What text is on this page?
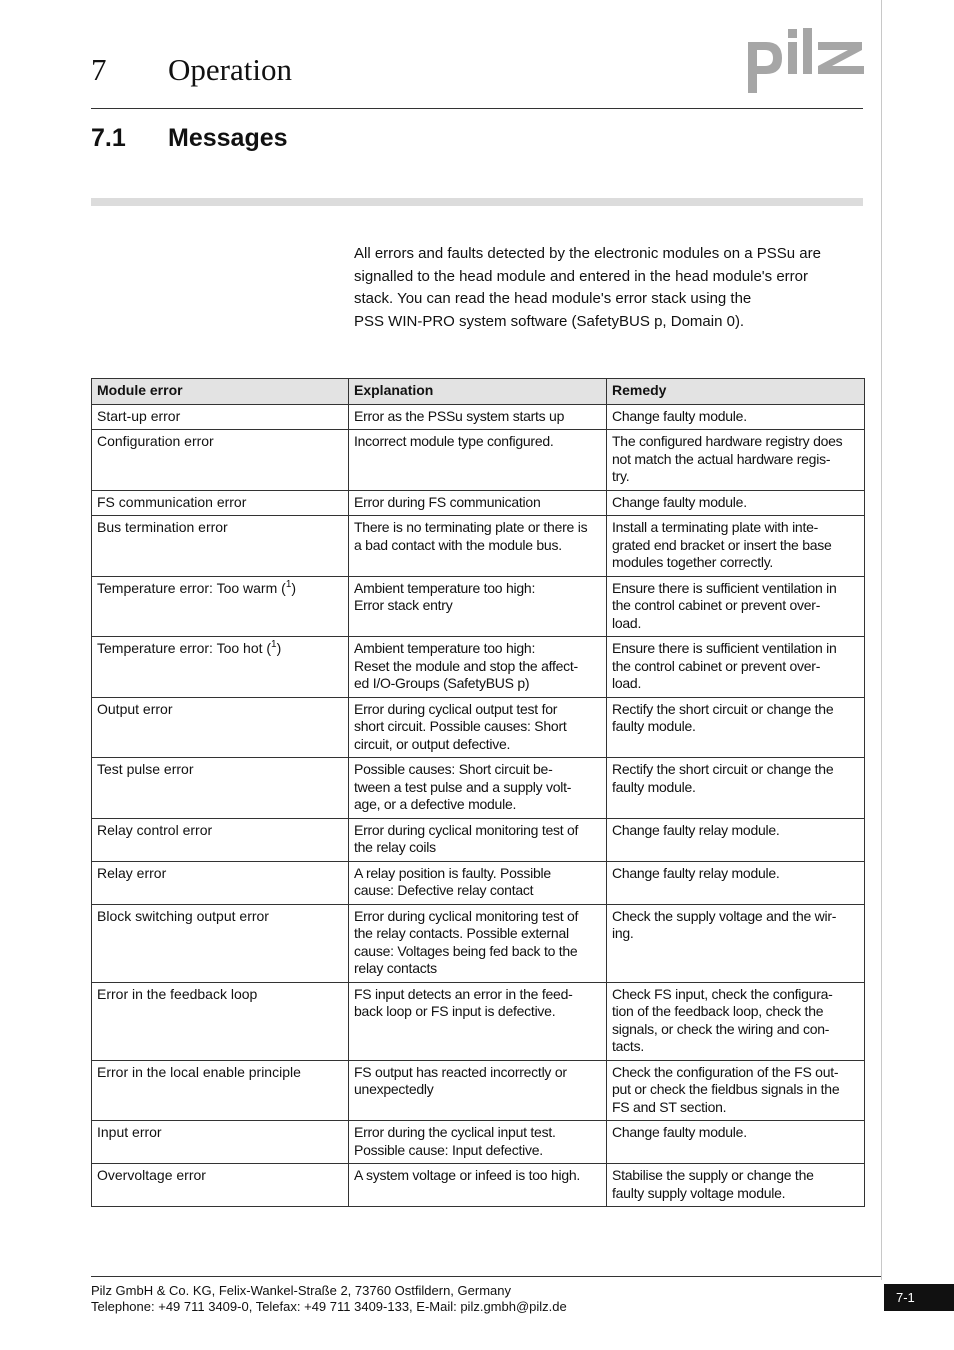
7 Operation
7.1 Messages
All errors and faults detected by the electronic modules on a PSSu are
signalled to the head module and entered in the head module's error
stack. You can read the head module's error stack using the
PSS WIN-PRO system software (SafetyBUS p, Domain 0).
Module error	Explanation	Remedy

Start-up error	Error as the PSSu system starts up	Change faulty module.

Configuration error	Incorrect module type configured.	The configured hardware registry does
not match the actual hardware regis-
try.

FS communication error	Error during FS communication	Change faulty module.

Bus termination error	There is no terminating plate or there is
a bad contact with the module bus.	Install a terminating plate with inte-
grated end bracket or insert the base
modules together correctly.

Temperature error: Too warm ($^1$)	Ambient temperature too high:
Error stack entry	Ensure there is sufficient ventilation in
the control cabinet or prevent over-
load.

Temperature error: Too hot ($^1$)	Ambient temperature too high:
Reset the module and stop the affect-
ed I/O-Groups (SafetyBUS p)	Ensure there is sufficient ventilation in
the control cabinet or prevent over-
load.

Output error	Error during cyclical output test for
short circuit. Possible causes: Short
circuit, or output defective.	Rectify the short circuit or change the
faulty module.

Test pulse error	Possible causes: Short circuit be-
tween a test pulse and a supply volt-
age, or a defective module.	Rectify the short circuit or change the
faulty module.

Relay control error	Error during cyclical monitoring test of
the relay coils	Change faulty relay module.

Relay error	A relay position is faulty. Possible
cause: Defective relay contact	Change faulty relay module.

Block switching output error	Error during cyclical monitoring test of
the relay contacts. Possible external
cause: Voltages being fed back to the
relay contacts	Check the supply voltage and the wir-
ing.

Error in the feedback loop	FS input detects an error in the feed-
back loop or FS input is defective.	Check FS input, check the configura-
tion of the feedback loop, check the
signals, or check the wiring and con-
tacts.

Error in the local enable principle	FS output has reacted incorrectly or
unexpectedly	Check the configuration of the FS out-
put or check the fieldbus signals in the
FS and ST section.

Input error	Error during the cyclical input test.
Possible cause: Input defective.	Change faulty module.

Overvoltage error	A system voltage or infeed is too high.	Stabilise the supply or change the
faulty supply voltage module.
Pilz GmbH & Co. KG, Felix-Wankel-Straße 2, 73760 Ostfildern, Germany
Telephone: +49 711 3409-0, Telefax: +49 711 3409-133, E-Mail: pilz.gmbh@pilz.de
7-1
